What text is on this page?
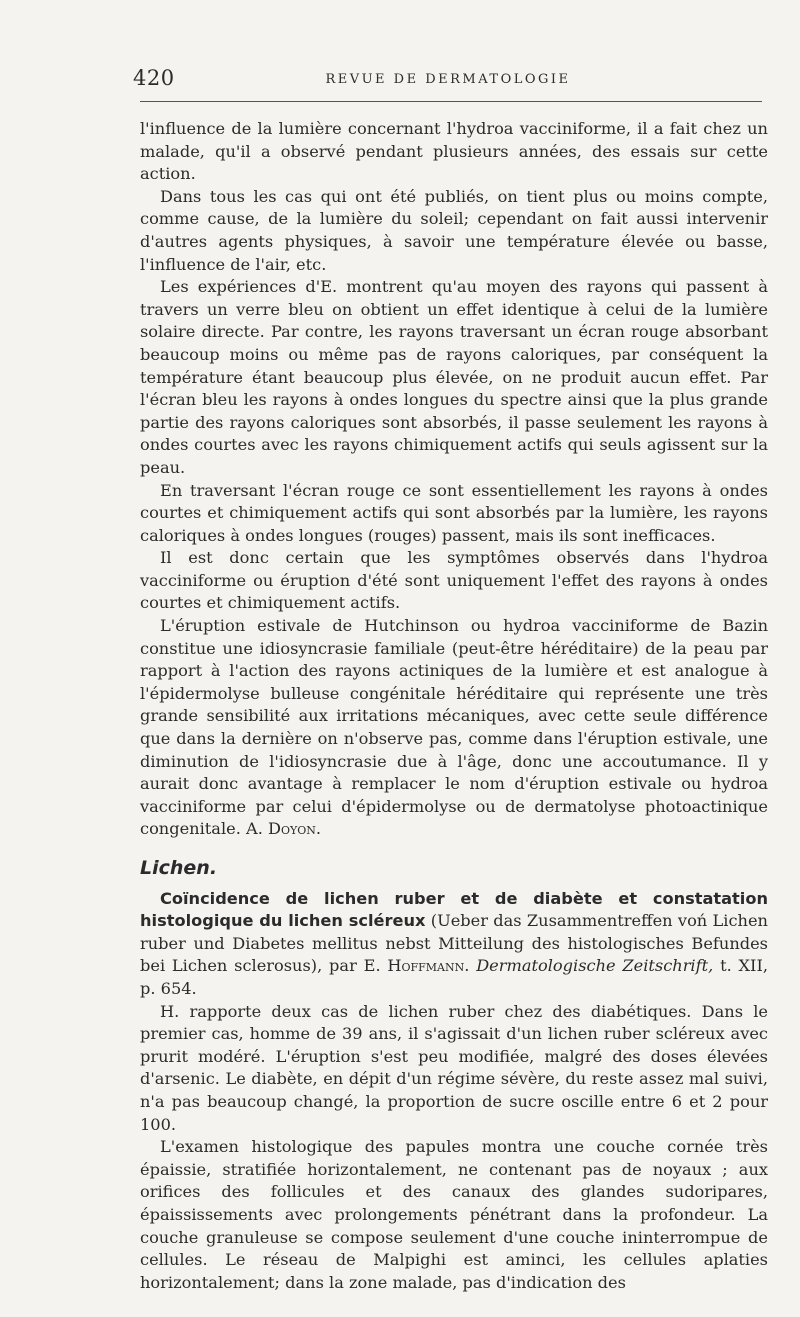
420	REVUE DE DERMATOLOGIE

l'influence de la lumière concernant l'hydroa vacciniforme, il a fait chez un malade, qu'il a observé pendant plusieurs années, des essais sur cette action.

Dans tous les cas qui ont été publiés, on tient plus ou moins compte, comme cause, de la lumière du soleil; cependant on fait aussi intervenir d'autres agents physiques, à savoir une température élevée ou basse, l'influence de l'air, etc.

Les expériences d'E. montrent qu'au moyen des rayons qui passent à travers un verre bleu on obtient un effet identique à celui de la lumière solaire directe. Par contre, les rayons traversant un écran rouge absorbant beaucoup moins ou même pas de rayons caloriques, par conséquent la température étant beaucoup plus élevée, on ne produit aucun effet. Par l'écran bleu les rayons à ondes longues du spectre ainsi que la plus grande partie des rayons caloriques sont absorbés, il passe seulement les rayons à ondes courtes avec les rayons chimiquement actifs qui seuls agissent sur la peau.

En traversant l'écran rouge ce sont essentiellement les rayons à ondes courtes et chimiquement actifs qui sont absorbés par la lumière, les rayons caloriques à ondes longues (rouges) passent, mais ils sont inefficaces.

Il est donc certain que les symptômes observés dans l'hydroa vacciniforme ou éruption d'été sont uniquement l'effet des rayons à ondes courtes et chimiquement actifs.

L'éruption estivale de Hutchinson ou hydroa vacciniforme de Bazin constitue une idiosyncrasie familiale (peut-être héréditaire) de la peau par rapport à l'action des rayons actiniques de la lumière et est analogue à l'épidermolyse bulleuse congénitale héréditaire qui représente une très grande sensibilité aux irritations mécaniques, avec cette seule différence que dans la dernière on n'observe pas, comme dans l'éruption estivale, une diminution de l'idiosyncrasie due à l'âge, donc une accoutumance. Il y aurait donc avantage à remplacer le nom d'éruption estivale ou hydroa vacciniforme par celui d'épidermolyse ou de dermatolyse photoactinique congenitale. A. Doyon.

Lichen.

Coïncidence de lichen ruber et de diabète et constatation histologique du lichen scléreux (Ueber das Zusammentreffen voń Lichen ruber und Diabetes mellitus nebst Mitteilung des histologisches Befundes bei Lichen sclerosus), par E. Hoffmann. Dermatologische Zeitschrift, t. XII, p. 654.

H. rapporte deux cas de lichen ruber chez des diabétiques. Dans le premier cas, homme de 39 ans, il s'agissait d'un lichen ruber scléreux avec prurit modéré. L'éruption s'est peu modifiée, malgré des doses élevées d'arsenic. Le diabète, en dépit d'un régime sévère, du reste assez mal suivi, n'a pas beaucoup changé, la proportion de sucre oscille entre 6 et 2 pour 100.

L'examen histologique des papules montra une couche cornée très épaissie, stratifiée horizontalement, ne contenant pas de noyaux ; aux orifices des follicules et des canaux des glandes sudoripares, épaississements avec prolongements pénétrant dans la profondeur. La couche granuleuse se compose seulement d'une couche ininterrompue de cellules. Le réseau de Malpighi est aminci, les cellules aplaties horizontalement; dans la zone malade, pas d'indication des
